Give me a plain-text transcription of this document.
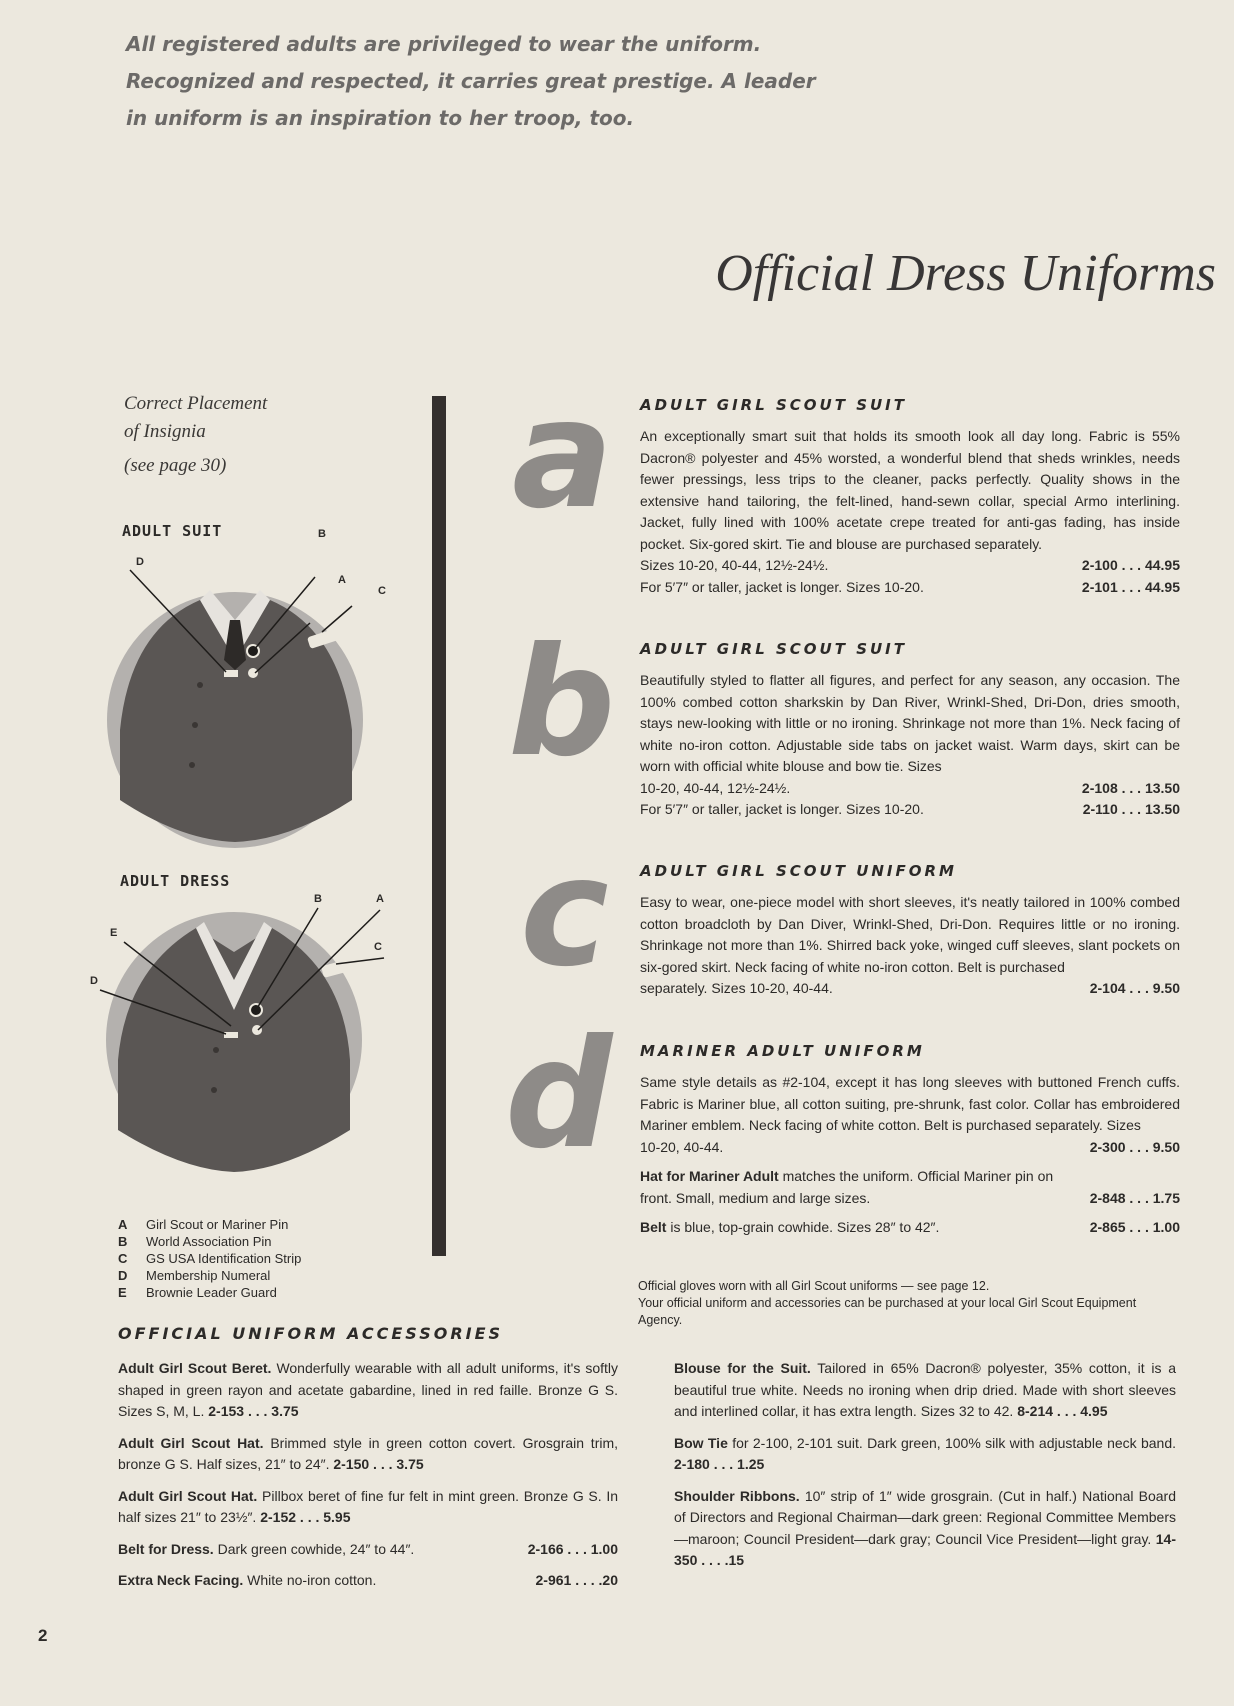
All registered adults are privileged to wear the uniform.
Recognized and respected, it carries great prestige. A leader
in uniform is an inspiration to her troop, too.
Official Dress Uniforms
Correct Placement
of Insignia
(see page 30)
ADULT SUIT
ADULT DRESS
B
D
A
C
B	A
E
C
D
A	Girl Scout or Mariner Pin
B	World Association Pin
C	GS USA Identification Strip
D	Membership Numeral
E	Brownie Leader Guard
a
b
c
d
ADULT GIRL SCOUT SUIT
An exceptionally smart suit that holds its smooth look all day long. Fabric is 55% Dacron® polyester and 45% worsted, a wonderful blend that sheds wrinkles, needs fewer pressings, less trips to the cleaner, packs perfectly. Quality shows in the extensive hand tailoring, the felt-lined, hand-sewn collar, special Armo interlining. Jacket, fully lined with 100% acetate crepe treated for anti-gas fading, has inside pocket. Six-gored skirt. Tie and blouse are purchased separately.
Sizes 10-20, 40-44, 12½-24½.	2-100 . . . 44.95
For 5′7″ or taller, jacket is longer. Sizes 10-20.	2-101 . . . 44.95
ADULT GIRL SCOUT SUIT
Beautifully styled to flatter all figures, and perfect for any season, any occasion. The 100% combed cotton sharkskin by Dan River, Wrinkl-Shed, Dri-Don, dries smooth, stays new-looking with little or no ironing. Shrinkage not more than 1%. Neck facing of white no-iron cotton. Adjustable side tabs on jacket waist. Warm days, skirt can be worn with official white blouse and bow tie. Sizes
10-20, 40-44, 12½-24½.	2-108 . . . 13.50
For 5′7″ or taller, jacket is longer. Sizes 10-20.	2-110 . . . 13.50
ADULT GIRL SCOUT UNIFORM
Easy to wear, one-piece model with short sleeves, it's neatly tailored in 100% combed cotton broadcloth by Dan Diver, Wrinkl-Shed, Dri-Don. Requires little or no ironing. Shrinkage not more than 1%. Shirred back yoke, winged cuff sleeves, slant pockets on six-gored skirt. Neck facing of white no-iron cotton. Belt is purchased
separately. Sizes 10-20, 40-44.	2-104 . . . 9.50
MARINER ADULT UNIFORM
Same style details as #2-104, except it has long sleeves with buttoned French cuffs. Fabric is Mariner blue, all cotton suiting, pre-shrunk, fast color. Collar has embroidered Mariner emblem. Neck facing of white cotton. Belt is purchased separately. Sizes
10-20, 40-44.	2-300 . . . 9.50
Hat for Mariner Adult matches the uniform. Official Mariner pin on
front. Small, medium and large sizes.	2-848 . . . 1.75
Belt is blue, top-grain cowhide. Sizes 28″ to 42″.	2-865 . . . 1.00
Official gloves worn with all Girl Scout uniforms — see page 12.
Your official uniform and accessories can be purchased at your local Girl Scout Equipment Agency.
OFFICIAL UNIFORM ACCESSORIES
Adult Girl Scout Beret. Wonderfully wearable with all adult uniforms, it's softly shaped in green rayon and acetate gabardine, lined in red faille. Bronze G S. Sizes S, M, L. 2-153 . . . 3.75
Adult Girl Scout Hat. Brimmed style in green cotton covert. Grosgrain trim, bronze G S. Half sizes, 21″ to 24″. 2-150 . . . 3.75
Adult Girl Scout Hat. Pillbox beret of fine fur felt in mint green. Bronze G S. In half sizes 21″ to 23½″. 2-152 . . . 5.95
Belt for Dress. Dark green cowhide, 24″ to 44″.	2-166 . . . 1.00
Extra Neck Facing. White no-iron cotton.	2-961 . . . .20
Blouse for the Suit. Tailored in 65% Dacron® polyester, 35% cotton, it is a beautiful true white. Needs no ironing when drip dried. Made with short sleeves and interlined collar, it has extra length. Sizes 32 to 42. 8-214 . . . 4.95
Bow Tie for 2-100, 2-101 suit. Dark green, 100% silk with adjustable neck band. 2-180 . . . 1.25
Shoulder Ribbons. 10″ strip of 1″ wide grosgrain. (Cut in half.) National Board of Directors and Regional Chairman—dark green: Regional Committee Members—maroon; Council President—dark gray; Council Vice President—light gray. 14-350 . . . .15
2
